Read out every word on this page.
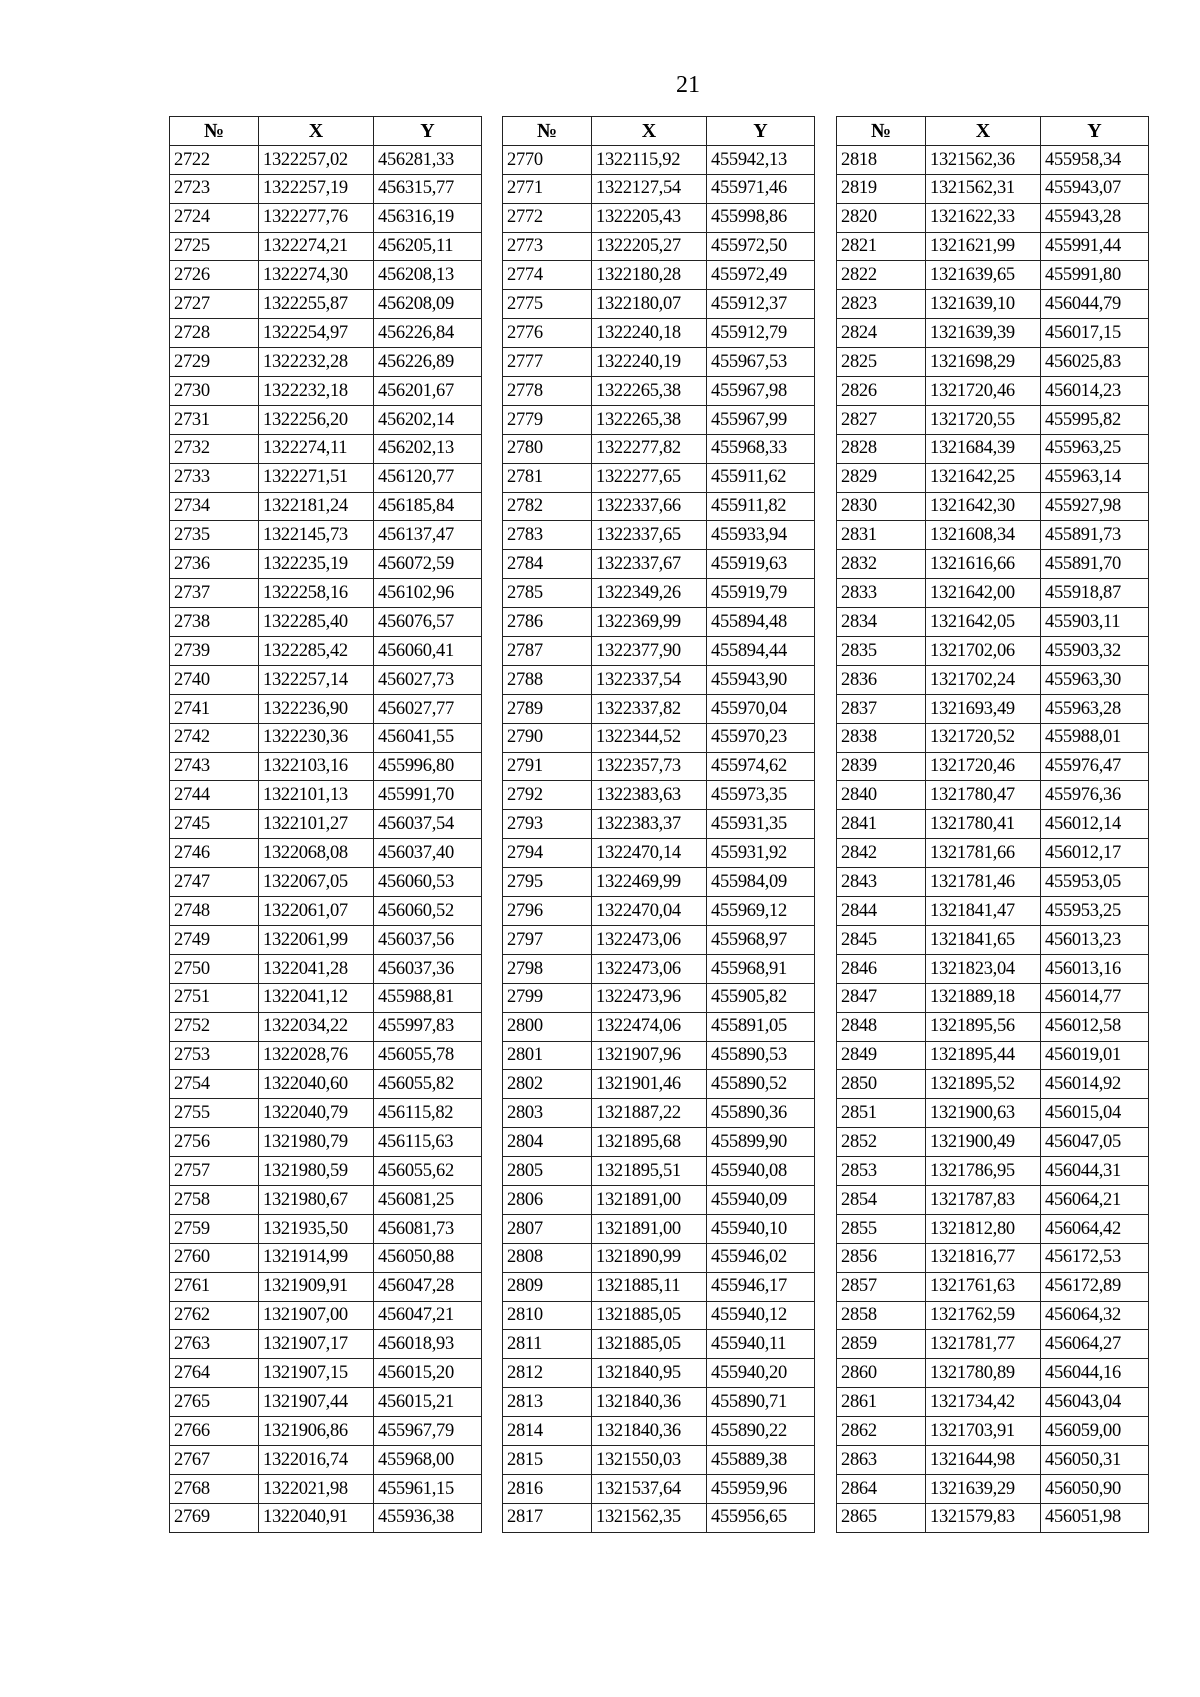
21
№	X	Y
2722	1322257,02	456281,33
2723	1322257,19	456315,77
2724	1322277,76	456316,19
2725	1322274,21	456205,11
2726	1322274,30	456208,13
2727	1322255,87	456208,09
2728	1322254,97	456226,84
2729	1322232,28	456226,89
2730	1322232,18	456201,67
2731	1322256,20	456202,14
2732	1322274,11	456202,13
2733	1322271,51	456120,77
2734	1322181,24	456185,84
2735	1322145,73	456137,47
2736	1322235,19	456072,59
2737	1322258,16	456102,96
2738	1322285,40	456076,57
2739	1322285,42	456060,41
2740	1322257,14	456027,73
2741	1322236,90	456027,77
2742	1322230,36	456041,55
2743	1322103,16	455996,80
2744	1322101,13	455991,70
2745	1322101,27	456037,54
2746	1322068,08	456037,40
2747	1322067,05	456060,53
2748	1322061,07	456060,52
2749	1322061,99	456037,56
2750	1322041,28	456037,36
2751	1322041,12	455988,81
2752	1322034,22	455997,83
2753	1322028,76	456055,78
2754	1322040,60	456055,82
2755	1322040,79	456115,82
2756	1321980,79	456115,63
2757	1321980,59	456055,62
2758	1321980,67	456081,25
2759	1321935,50	456081,73
2760	1321914,99	456050,88
2761	1321909,91	456047,28
2762	1321907,00	456047,21
2763	1321907,17	456018,93
2764	1321907,15	456015,20
2765	1321907,44	456015,21
2766	1321906,86	455967,79
2767	1322016,74	455968,00
2768	1322021,98	455961,15
2769	1322040,91	455936,38
№	X	Y
2770	1322115,92	455942,13
2771	1322127,54	455971,46
2772	1322205,43	455998,86
2773	1322205,27	455972,50
2774	1322180,28	455972,49
2775	1322180,07	455912,37
2776	1322240,18	455912,79
2777	1322240,19	455967,53
2778	1322265,38	455967,98
2779	1322265,38	455967,99
2780	1322277,82	455968,33
2781	1322277,65	455911,62
2782	1322337,66	455911,82
2783	1322337,65	455933,94
2784	1322337,67	455919,63
2785	1322349,26	455919,79
2786	1322369,99	455894,48
2787	1322377,90	455894,44
2788	1322337,54	455943,90
2789	1322337,82	455970,04
2790	1322344,52	455970,23
2791	1322357,73	455974,62
2792	1322383,63	455973,35
2793	1322383,37	455931,35
2794	1322470,14	455931,92
2795	1322469,99	455984,09
2796	1322470,04	455969,12
2797	1322473,06	455968,97
2798	1322473,06	455968,91
2799	1322473,96	455905,82
2800	1322474,06	455891,05
2801	1321907,96	455890,53
2802	1321901,46	455890,52
2803	1321887,22	455890,36
2804	1321895,68	455899,90
2805	1321895,51	455940,08
2806	1321891,00	455940,09
2807	1321891,00	455940,10
2808	1321890,99	455946,02
2809	1321885,11	455946,17
2810	1321885,05	455940,12
2811	1321885,05	455940,11
2812	1321840,95	455940,20
2813	1321840,36	455890,71
2814	1321840,36	455890,22
2815	1321550,03	455889,38
2816	1321537,64	455959,96
2817	1321562,35	455956,65
№	X	Y
2818	1321562,36	455958,34
2819	1321562,31	455943,07
2820	1321622,33	455943,28
2821	1321621,99	455991,44
2822	1321639,65	455991,80
2823	1321639,10	456044,79
2824	1321639,39	456017,15
2825	1321698,29	456025,83
2826	1321720,46	456014,23
2827	1321720,55	455995,82
2828	1321684,39	455963,25
2829	1321642,25	455963,14
2830	1321642,30	455927,98
2831	1321608,34	455891,73
2832	1321616,66	455891,70
2833	1321642,00	455918,87
2834	1321642,05	455903,11
2835	1321702,06	455903,32
2836	1321702,24	455963,30
2837	1321693,49	455963,28
2838	1321720,52	455988,01
2839	1321720,46	455976,47
2840	1321780,47	455976,36
2841	1321780,41	456012,14
2842	1321781,66	456012,17
2843	1321781,46	455953,05
2844	1321841,47	455953,25
2845	1321841,65	456013,23
2846	1321823,04	456013,16
2847	1321889,18	456014,77
2848	1321895,56	456012,58
2849	1321895,44	456019,01
2850	1321895,52	456014,92
2851	1321900,63	456015,04
2852	1321900,49	456047,05
2853	1321786,95	456044,31
2854	1321787,83	456064,21
2855	1321812,80	456064,42
2856	1321816,77	456172,53
2857	1321761,63	456172,89
2858	1321762,59	456064,32
2859	1321781,77	456064,27
2860	1321780,89	456044,16
2861	1321734,42	456043,04
2862	1321703,91	456059,00
2863	1321644,98	456050,31
2864	1321639,29	456050,90
2865	1321579,83	456051,98
